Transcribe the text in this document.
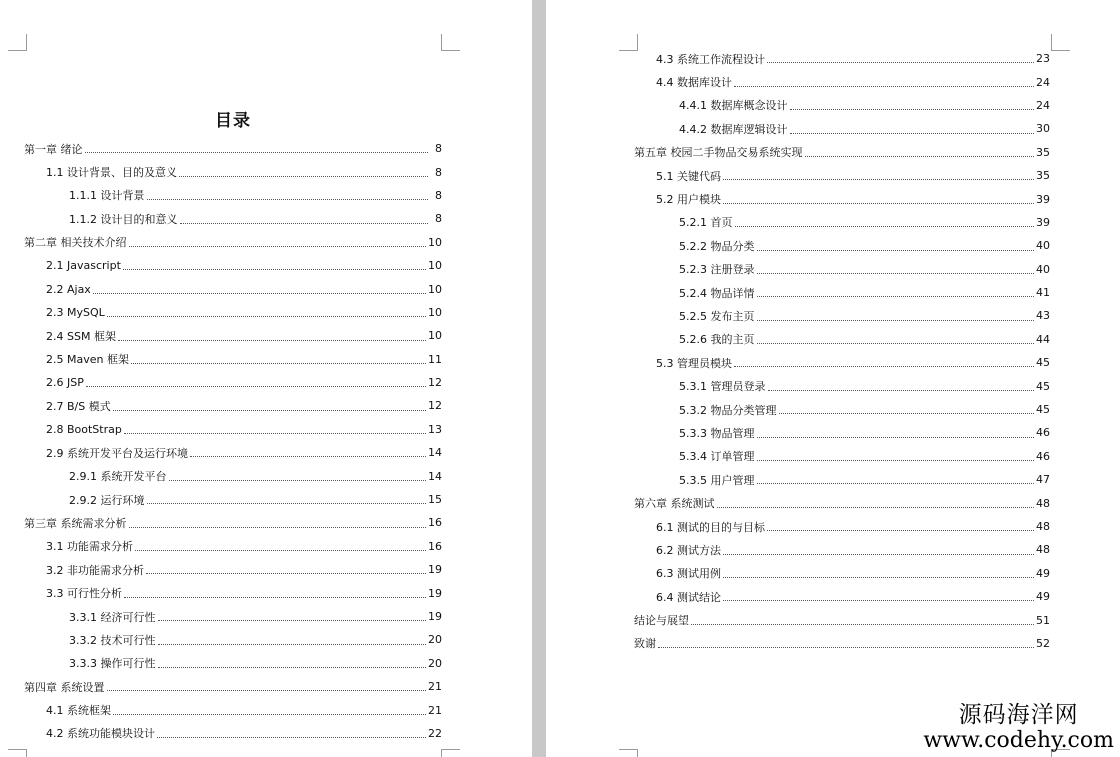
目录
第一章 绪论	8
1.1 设计背景、目的及意义	8
1.1.1 设计背景	8
1.1.2 设计目的和意义	8
第二章 相关技术介绍	10
2.1 Javascript	10
2.2 Ajax	10
2.3 MySQL	10
2.4 SSM 框架	10
2.5 Maven 框架	11
2.6 JSP	12
2.7 B/S 模式	12
2.8 BootStrap	13
2.9 系统开发平台及运行环境	14
2.9.1 系统开发平台	14
2.9.2 运行环境	15
第三章 系统需求分析	16
3.1 功能需求分析	16
3.2 非功能需求分析	19
3.3 可行性分析	19
3.3.1 经济可行性	19
3.3.2 技术可行性	20
3.3.3 操作可行性	20
第四章 系统设置	21
4.1 系统框架	21
4.2 系统功能模块设计	22
4.3 系统工作流程设计	23
4.4 数据库设计	24
4.4.1 数据库概念设计	24
4.4.2 数据库逻辑设计	30
第五章 校园二手物品交易系统实现	35
5.1 关键代码	35
5.2 用户模块	39
5.2.1 首页	39
5.2.2 物品分类	40
5.2.3 注册登录	40
5.2.4 物品详情	41
5.2.5 发布主页	43
5.2.6 我的主页	44
5.3 管理员模块	45
5.3.1 管理员登录	45
5.3.2 物品分类管理	45
5.3.3 物品管理	46
5.3.4 订单管理	46
5.3.5 用户管理	47
第六章 系统测试	48
6.1 测试的目的与目标	48
6.2 测试方法	48
6.3 测试用例	49
6.4 测试结论	49
结论与展望	51
致谢	52
源码海洋网
www.codehy.com
